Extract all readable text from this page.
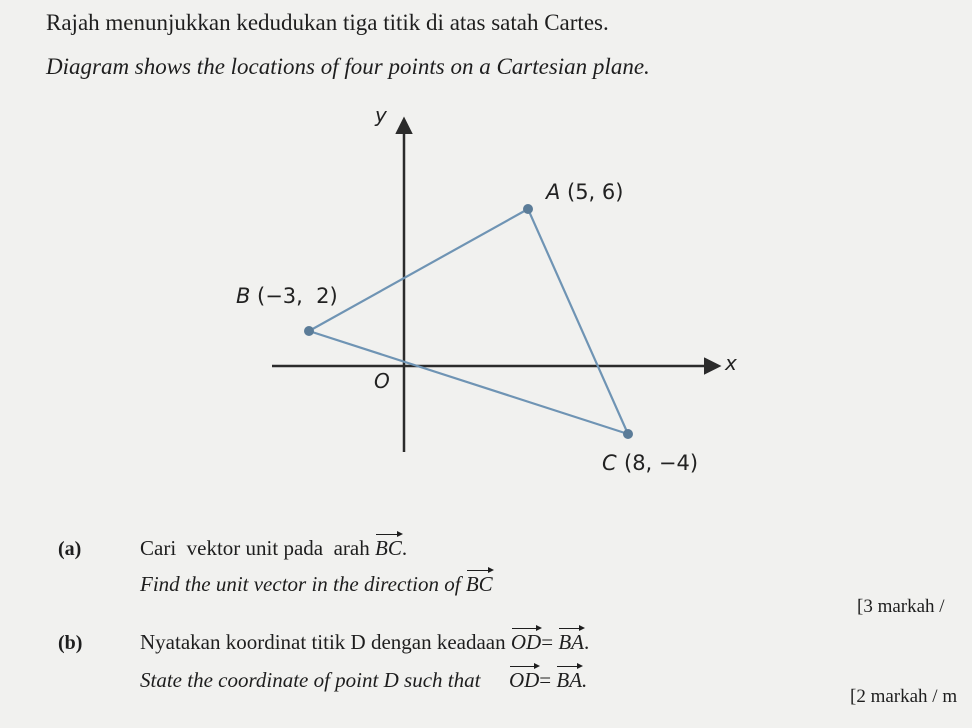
Rajah menunjukkan kedudukan tiga titik di atas satah Cartes.
Diagram shows the locations of four points on a Cartesian plane.
y
x
O
A (5, 6)
B (−3,  2)
C (8, −4)
(a)	Cari  vektor unit pada  arah BC.
Find the unit vector in the direction of BC
[3 markah /
(b)	Nyatakan koordinat titik D dengan keadaan OD= BA.
State the coordinate of point D such that OD= BA.
[2 markah / m
